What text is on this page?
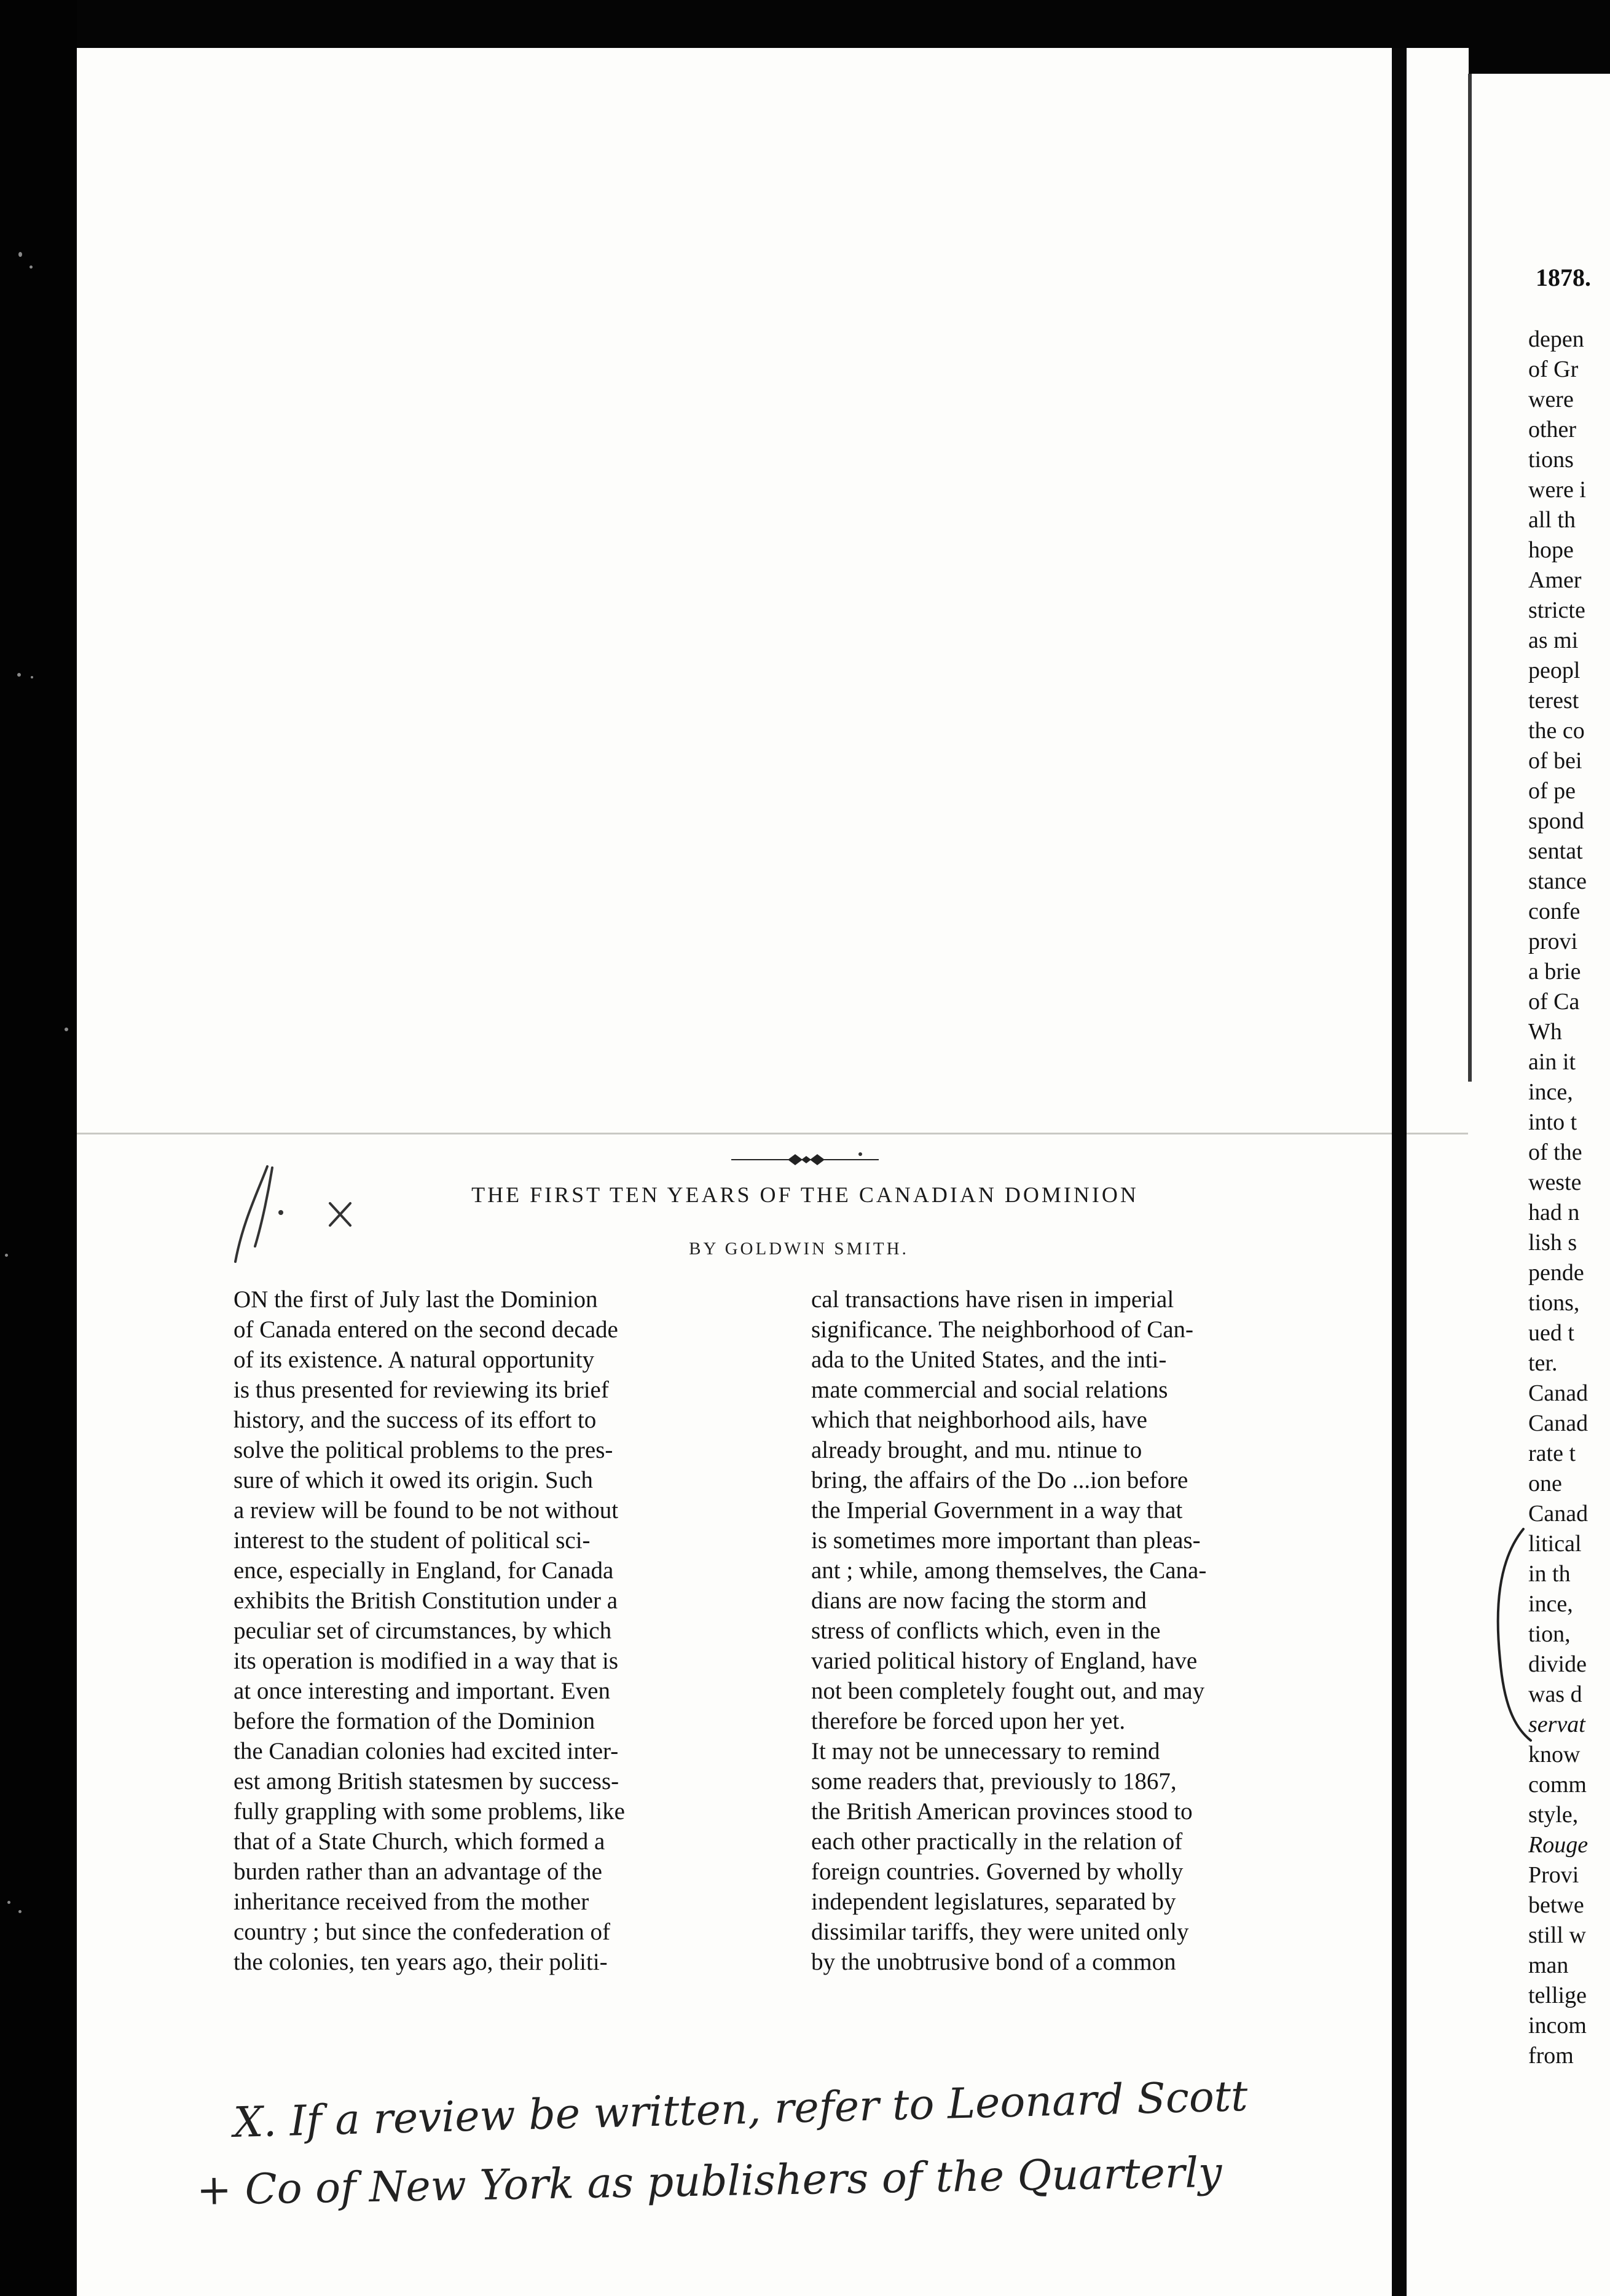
1878.
depen
of Gr
were
other
tions
were i
all th
hope
Amer
stricte
as mi
peopl
terest
the co
of bei
of pe
spond
sentat
stance
confe
provi
a brie
of Ca
Wh
ain it
ince,
into t
of the
weste
had n
lish s
pende
tions,
ued t
ter.
Canad
Canad
rate t
one
Canad
litical
in th
ince,
tion,
divide
was d
servat
know
comm
style,
Rouge
Provi
betwe
still w
man
tellige
incom
from
/ . X
THE FIRST TEN YEARS OF THE CANADIAN DOMINION
BY GOLDWIN SMITH.
ON the first of July last the Dominion
of Canada entered on the second decade
of its existence. A natural opportunity
is thus presented for reviewing its brief
history, and the success of its effort to
solve the political problems to the pres-
sure of which it owed its origin. Such
a review will be found to be not without
interest to the student of political sci-
ence, especially in England, for Canada
exhibits the British Constitution under a
peculiar set of circumstances, by which
its operation is modified in a way that is
at once interesting and important. Even
before the formation of the Dominion
the Canadian colonies had excited inter-
est among British statesmen by success-
fully grappling with some problems, like
that of a State Church, which formed a
burden rather than an advantage of the
inheritance received from the mother
country ; but since the confederation of
the colonies, ten years ago, their politi-
cal transactions have risen in imperial
significance. The neighborhood of Can-
ada to the United States, and the inti-
mate commercial and social relations
which that neighborhood ails, have
already brought, and mu. ntinue to
bring, the affairs of the Do ...ion before
the Imperial Government in a way that
is sometimes more important than pleas-
ant ; while, among themselves, the Cana-
dians are now facing the storm and
stress of conflicts which, even in the
varied political history of England, have
not been completely fought out, and may
therefore be forced upon her yet.
It may not be unnecessary to remind
some readers that, previously to 1867,
the British American provinces stood to
each other practically in the relation of
foreign countries. Governed by wholly
independent legislatures, separated by
dissimilar tariffs, they were united only
by the unobtrusive bond of a common
X. If a review be written, refer to Leonard Scott
+ Co of New York as publishers of the Quarterly
